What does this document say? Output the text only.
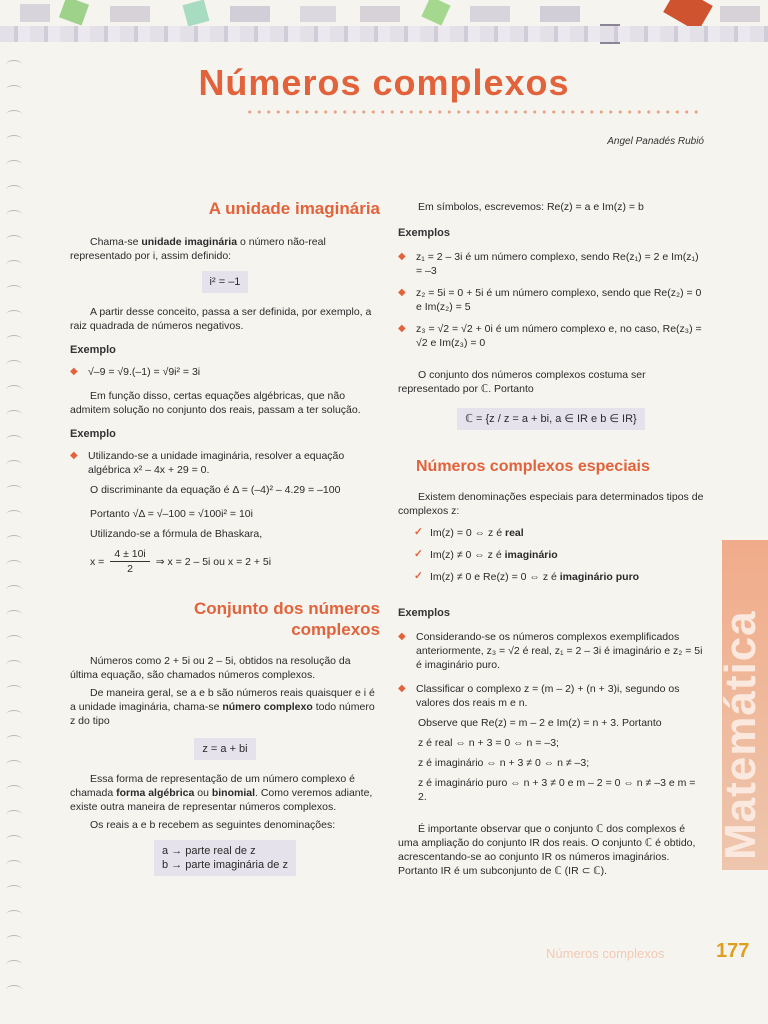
Números complexos
Angel Panadés Rubió
A unidade imaginária

Chama-se unidade imaginária o número não-real representado por i, assim definido:

i² = –1

A partir desse conceito, passa a ser definida, por exemplo, a raiz quadrada de números negativos.

Exemplo
◆ √–9 = √9.(–1) = √9i² = 3i

Em função disso, certas equações algébricas, que não admitem solução no conjunto dos reais, passam a ter solução.

Exemplo
◆ Utilizando-se a unidade imaginária, resolver a equação algébrica x² – 4x + 29 = 0.
O discriminante da equação é Δ = (–4)² – 4.29 = –100
Portanto √Δ = √–100 = √100i² = 10i
Utilizando-se a fórmula de Bhaskara,
$x = \frac{4 \pm 10i}{2}$ ⇒ x = 2 – 5i ou x = 2 + 5i
Conjunto dos números
complexos

Números como 2 + 5i ou 2 – 5i, obtidos na resolução da última equação, são chamados números complexos.

De maneira geral, se a e b são números reais quaisquer e i é a unidade imaginária, chama-se número complexo todo número z do tipo

z = a + bi

Essa forma de representação de um número complexo é chamada forma algébrica ou binomial. Como veremos adiante, existe outra maneira de representar números complexos.

Os reais a e b recebem as seguintes denominações:

a → parte real de z
b → parte imaginária de z

Em símbolos, escrevemos: Re(z) = a e Im(z) = b

Exemplos
◆ z₁ = 2 – 3i é um número complexo, sendo Re(z₁) = 2 e Im(z₁) = –3
◆ z₂ = 5i = 0 + 5i é um número complexo, sendo que Re(z₂) = 0 e Im(z₂) = 5
◆ z₃ = √2 = √2 + 0i é um número complexo e, no caso, Re(z₃) = √2 e Im(z₃) = 0

O conjunto dos números complexos costuma ser representado por ℂ. Portanto

ℂ = {z / z = a + bi, a ∈ IR e b ∈ IR}
Números complexos especiais

Existem denominações especiais para determinados tipos de complexos z:

✓ Im(z) = 0 ⇔ z é real
✓ Im(z) ≠ 0 ⇔ z é imaginário
✓ Im(z) ≠ 0 e Re(z) = 0 ⇔ z é imaginário puro
Exemplos
◆ Considerando-se os números complexos exemplificados anteriormente, z₃ = √2 é real, z₁ = 2 – 3i é imaginário e z₂ = 5i é imaginário puro.
◆ Classificar o complexo z = (m – 2) + (n + 3)i, segundo os valores dos reais m e n.
Observe que Re(z) = m – 2 e Im(z) = n + 3. Portanto
z é real ⇔ n + 3 = 0 ⇔ n = –3;
z é imaginário ⇔ n + 3 ≠ 0 ⇔ n ≠ –3;
z é imaginário puro ⇔ n + 3 ≠ 0 e m – 2 = 0 ⇔ n ≠ –3 e m = 2.

É importante observar que o conjunto ℂ dos complexos é uma ampliação do conjunto IR dos reais. O conjunto ℂ é obtido, acrescentando-se ao conjunto IR os números imaginários. Portanto IR é um subconjunto de ℂ (IR ⊂ ℂ).

Matemática
Números complexos	177
